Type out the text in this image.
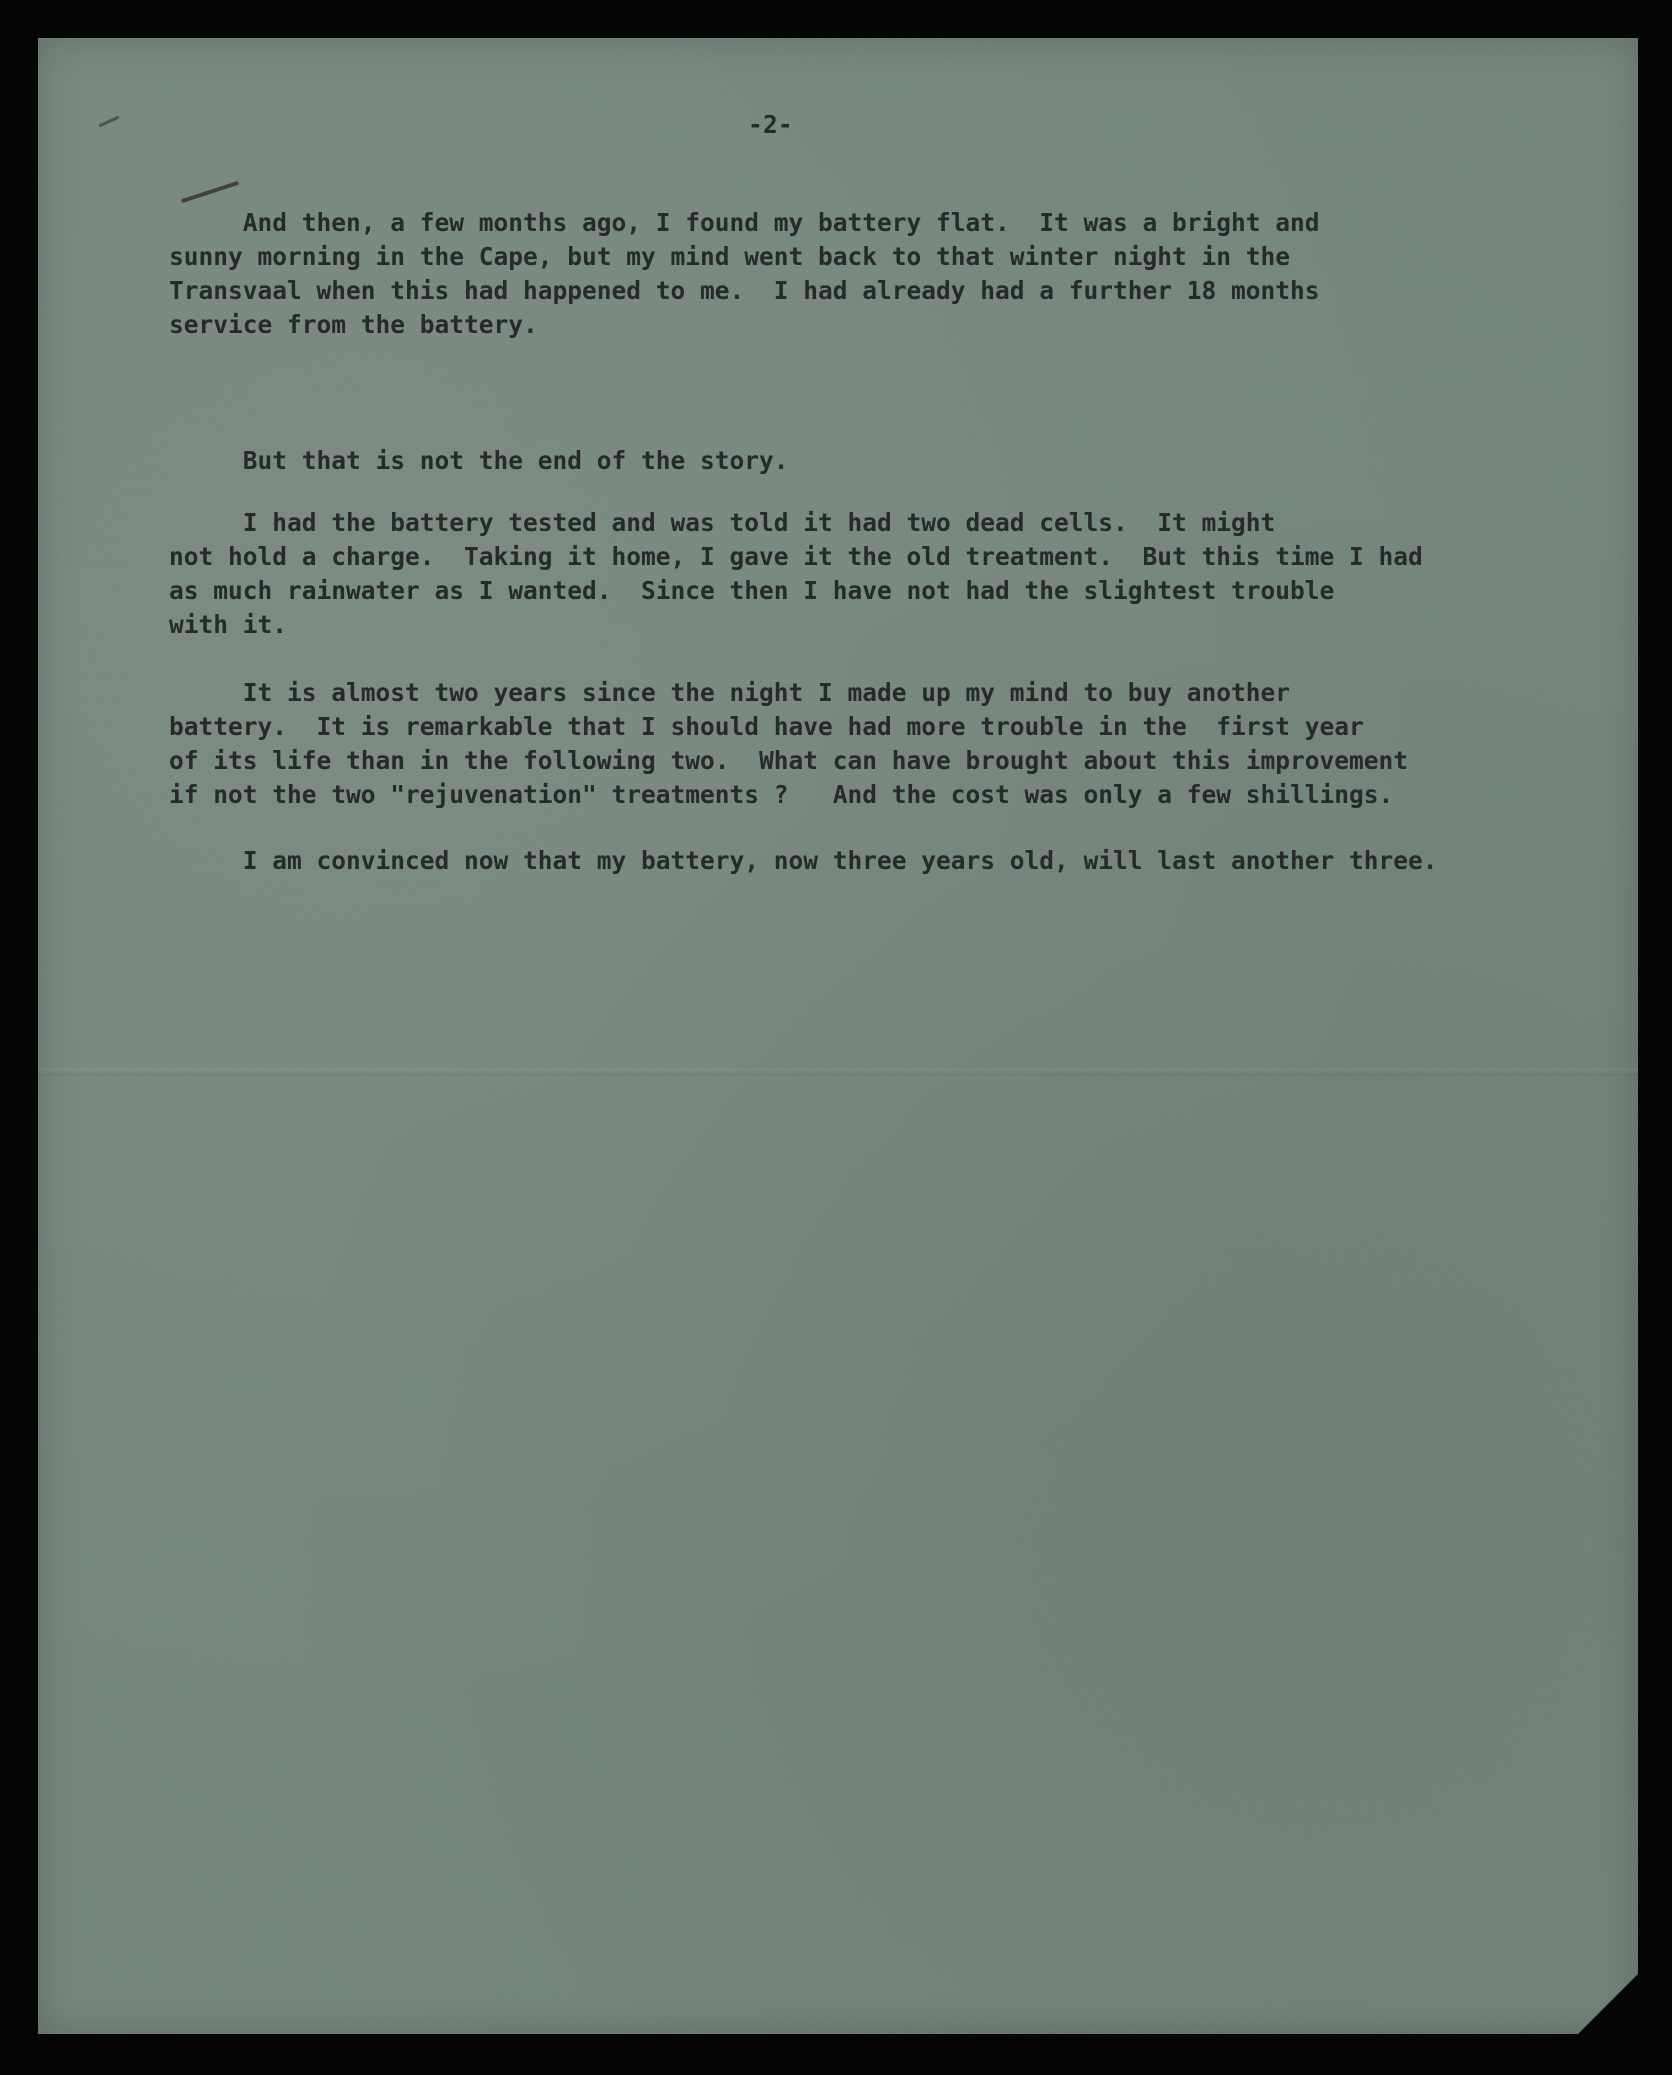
-2-
And then, a few months ago, I found my battery flat.  It was a bright and
sunny morning in the Cape, but my mind went back to that winter night in the
Transvaal when this had happened to me.  I had already had a further 18 months
service from the battery.
But that is not the end of the story.
I had the battery tested and was told it had two dead cells.  It might
not hold a charge.  Taking it home, I gave it the old treatment.  But this time I had
as much rainwater as I wanted.  Since then I have not had the slightest trouble
with it.
It is almost two years since the night I made up my mind to buy another
battery.  It is remarkable that I should have had more trouble in the  first year
of its life than in the following two.  What can have brought about this improvement
if not the two "rejuvenation" treatments ?   And the cost was only a few shillings.
I am convinced now that my battery, now three years old, will last another three.
